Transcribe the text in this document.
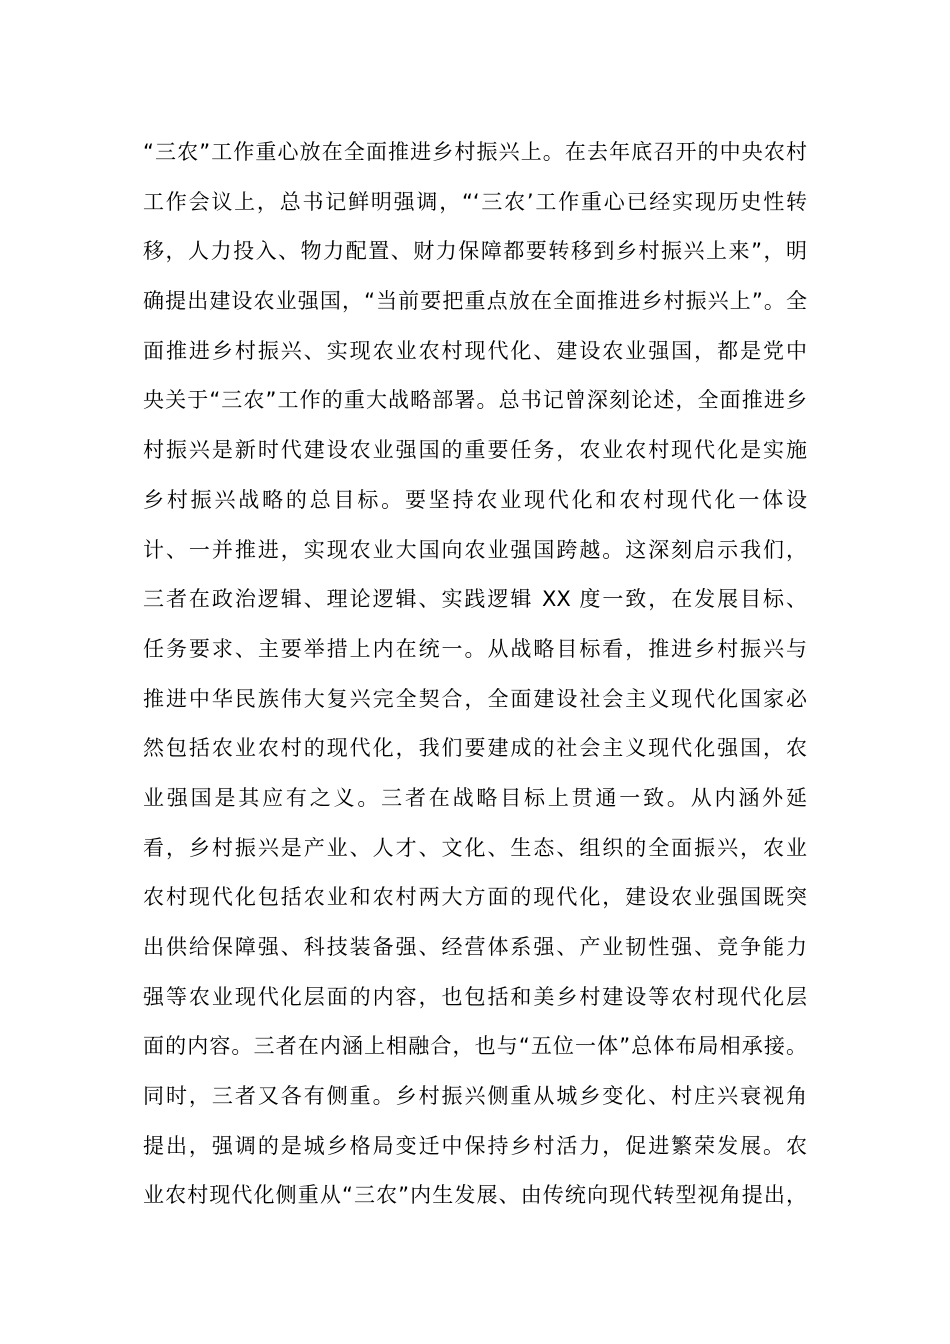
“三农”工作重心放在全面推进乡村振兴上。在去年底召开的中央农村
工作会议上，总书记鲜明强调，“‘三农’工作重心已经实现历史性转
移，人力投入、物力配置、财力保障都要转移到乡村振兴上来”，明
确提出建设农业强国，“当前要把重点放在全面推进乡村振兴上”。全
面推进乡村振兴、实现农业农村现代化、建设农业强国，都是党中
央关于“三农”工作的重大战略部署。总书记曾深刻论述，全面推进乡
村振兴是新时代建设农业强国的重要任务，农业农村现代化是实施
乡村振兴战略的总目标。要坚持农业现代化和农村现代化一体设
计、一并推进，实现农业大国向农业强国跨越。这深刻启示我们，
三者在政治逻辑、理论逻辑、实践逻辑 XX 度一致，在发展目标、
任务要求、主要举措上内在统一。从战略目标看，推进乡村振兴与
推进中华民族伟大复兴完全契合，全面建设社会主义现代化国家必
然包括农业农村的现代化，我们要建成的社会主义现代化强国，农
业强国是其应有之义。三者在战略目标上贯通一致。从内涵外延
看，乡村振兴是产业、人才、文化、生态、组织的全面振兴，农业
农村现代化包括农业和农村两大方面的现代化，建设农业强国既突
出供给保障强、科技装备强、经营体系强、产业韧性强、竞争能力
强等农业现代化层面的内容，也包括和美乡村建设等农村现代化层
面的内容。三者在内涵上相融合，也与“五位一体”总体布局相承接。
同时，三者又各有侧重。乡村振兴侧重从城乡变化、村庄兴衰视角
提出，强调的是城乡格局变迁中保持乡村活力，促进繁荣发展。农
业农村现代化侧重从“三农”内生发展、由传统向现代转型视角提出，
